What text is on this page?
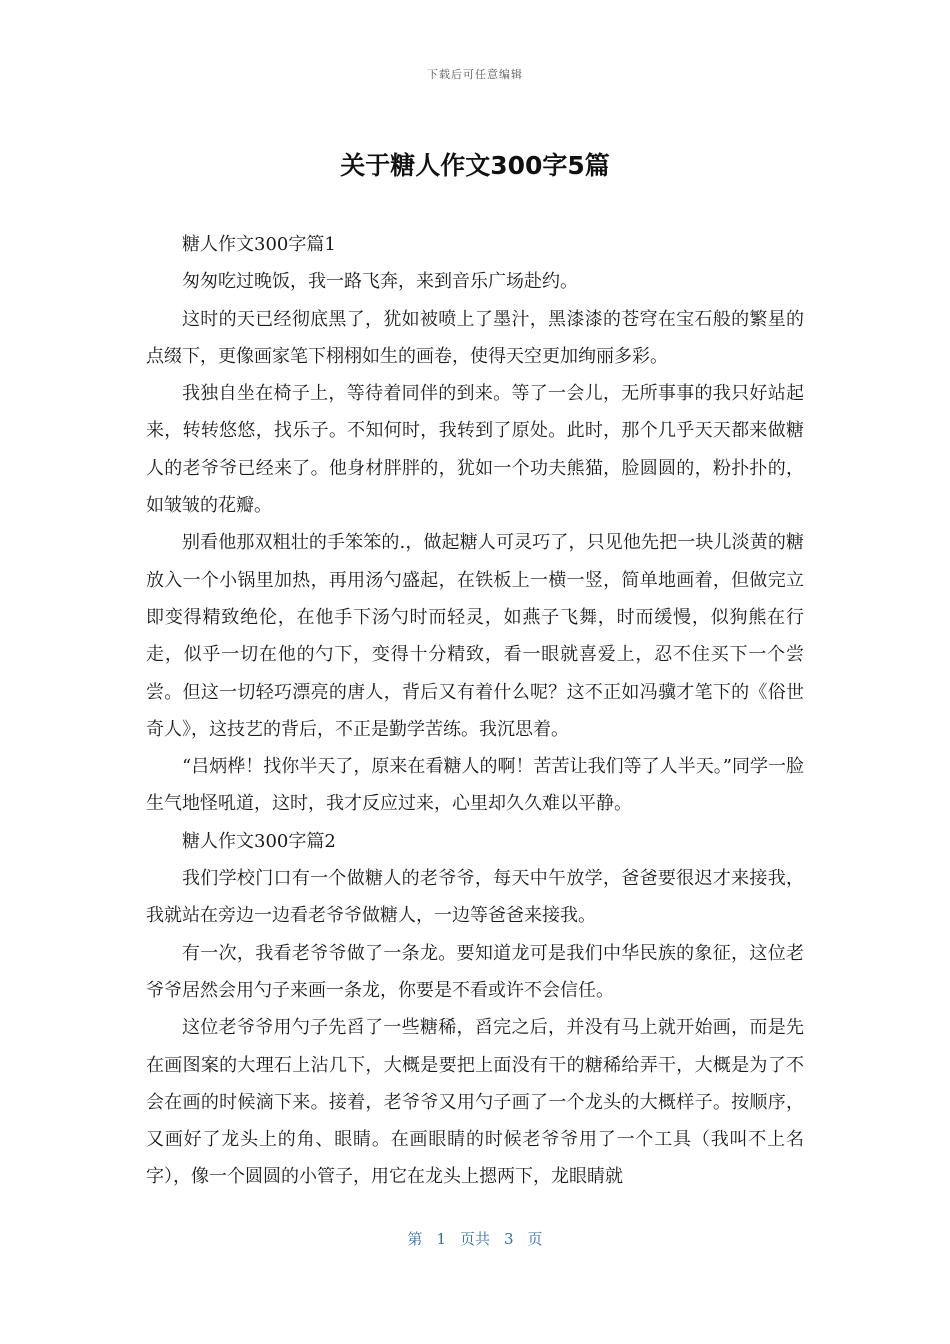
下载后可任意编辑
关于糖人作文300字5篇

糖人作文300字篇1

匆匆吃过晚饭，我一路飞奔，来到音乐广场赴约。

这时的天已经彻底黑了，犹如被喷上了墨汁，黑漆漆的苍穹在宝石般的繁星的点缀下，更像画家笔下栩栩如生的画卷，使得天空更加绚丽多彩。

我独自坐在椅子上，等待着同伴的到来。等了一会儿，无所事事的我只好站起来，转转悠悠，找乐子。不知何时，我转到了原处。此时，那个几乎天天都来做糖人的老爷爷已经来了。他身材胖胖的，犹如一个功夫熊猫，脸圆圆的，粉扑扑的，如皱皱的花瓣。

别看他那双粗壮的手笨笨的.，做起糖人可灵巧了，只见他先把一块儿淡黄的糖放入一个小锅里加热，再用汤勺盛起，在铁板上一横一竖，简单地画着，但做完立即变得精致绝伦，在他手下汤勺时而轻灵，如燕子飞舞，时而缓慢，似狗熊在行走，似乎一切在他的勺下，变得十分精致，看一眼就喜爱上，忍不住买下一个尝尝。但这一切轻巧漂亮的唐人，背后又有着什么呢？这不正如冯骥才笔下的《俗世奇人》，这技艺的背后，不正是勤学苦练。我沉思着。

“吕炳桦！找你半天了，原来在看糖人的啊！苦苦让我们等了人半天。”同学一脸生气地怪吼道，这时，我才反应过来，心里却久久难以平静。

糖人作文300字篇2

我们学校门口有一个做糖人的老爷爷，每天中午放学，爸爸要很迟才来接我，我就站在旁边一边看老爷爷做糖人，一边等爸爸来接我。

有一次，我看老爷爷做了一条龙。要知道龙可是我们中华民族的象征，这位老爷爷居然会用勺子来画一条龙，你要是不看或许不会信任。

这位老爷爷用勺子先舀了一些糖稀，舀完之后，并没有马上就开始画，而是先在画图案的大理石上沾几下，大概是要把上面没有干的糖稀给弄干，大概是为了不会在画的时候滴下来。接着，老爷爷又用勺子画了一个龙头的大概样子。按顺序，又画好了龙头上的角、眼睛。在画眼睛的时候老爷爷用了一个工具（我叫不上名字），像一个圆圆的小管子，用它在龙头上摁两下，龙眼睛就

第 1 页共 3 页
